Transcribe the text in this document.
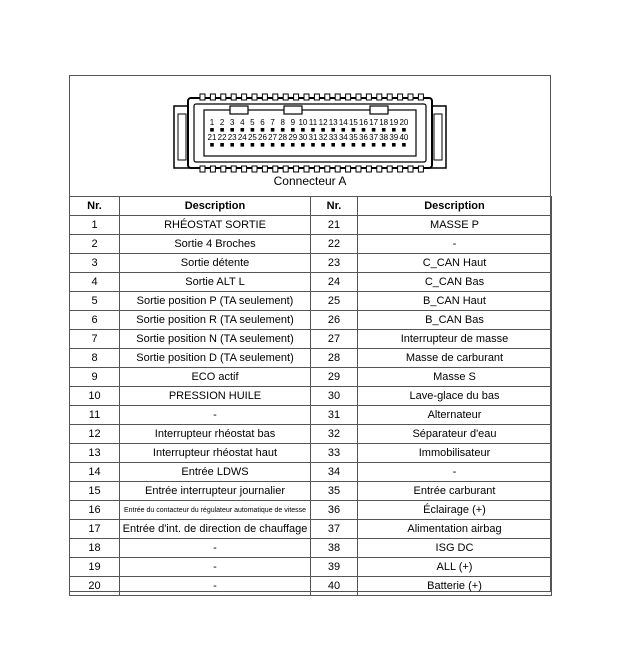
1 2 3 4 5 6 7 8 9 10 11 12 13 14 15 16 17 18 19 20
21 22 23 24 25 26 27 28 29 30 31 32 33 34 35 36 37 38 39 40
Connecteur A
Nr.	Description	Nr.	Description
1	RHÉOSTAT SORTIE	21	MASSE P
2	Sortie 4 Broches	22	-
3	Sortie détente	23	C_CAN Haut
4	Sortie ALT L	24	C_CAN Bas
5	Sortie position P (TA seulement)	25	B_CAN Haut
6	Sortie position R (TA seulement)	26	B_CAN Bas
7	Sortie position N (TA seulement)	27	Interrupteur de masse
8	Sortie position D (TA seulement)	28	Masse de carburant
9	ECO actif	29	Masse S
10	PRESSION HUILE	30	Lave-glace du bas
11	-	31	Alternateur
12	Interrupteur rhéostat bas	32	Séparateur d'eau
13	Interrupteur rhéostat haut	33	Immobilisateur
14	Entrée LDWS	34	-
15	Entrée interrupteur journalier	35	Entrée carburant
16	Entrée du contacteur du régulateur automatique de vitesse	36	Éclairage (+)
17	Entrée d'int. de direction de chauffage	37	Alimentation airbag
18	-	38	ISG DC
19	-	39	ALL (+)
20	-	40	Batterie (+)
